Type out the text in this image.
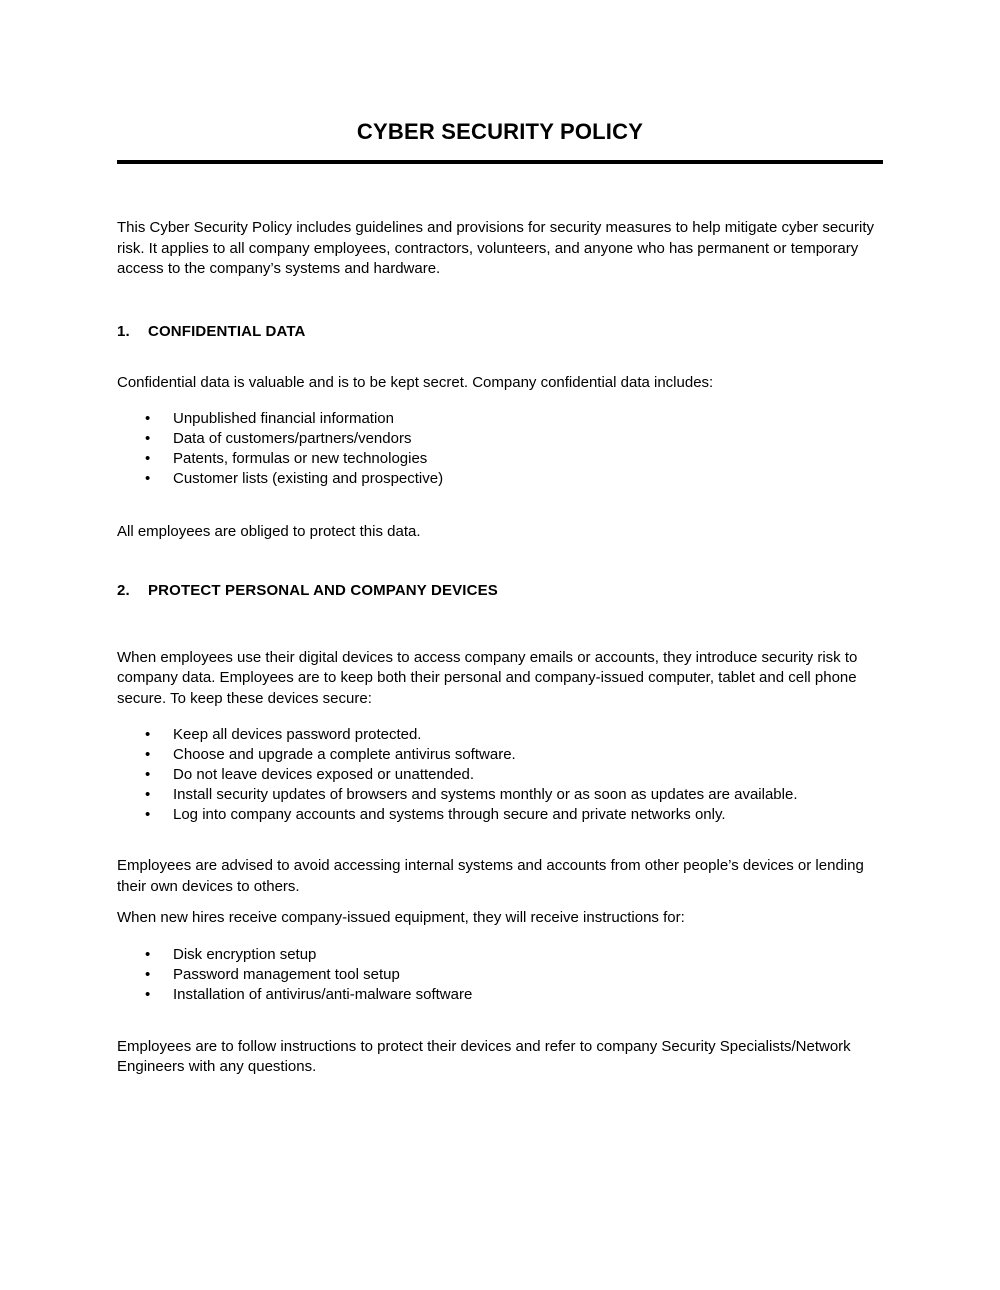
CYBER SECURITY POLICY

This Cyber Security Policy includes guidelines and provisions for security measures to help mitigate cyber security risk. It applies to all company employees, contractors, volunteers, and anyone who has permanent or temporary access to the company’s systems and hardware.

1.	CONFIDENTIAL DATA

Confidential data is valuable and is to be kept secret. Company confidential data includes:

• Unpublished financial information
• Data of customers/partners/vendors
• Patents, formulas or new technologies
• Customer lists (existing and prospective)

All employees are obliged to protect this data.

2.	PROTECT PERSONAL AND COMPANY DEVICES

When employees use their digital devices to access company emails or accounts, they introduce security risk to company data. Employees are to keep both their personal and company-issued computer, tablet and cell phone secure. To keep these devices secure:

• Keep all devices password protected.
• Choose and upgrade a complete antivirus software.
• Do not leave devices exposed or unattended.
• Install security updates of browsers and systems monthly or as soon as updates are available.
• Log into company accounts and systems through secure and private networks only.

Employees are advised to avoid accessing internal systems and accounts from other people’s devices or lending their own devices to others.

When new hires receive company-issued equipment, they will receive instructions for:

• Disk encryption setup
• Password management tool setup
• Installation of antivirus/anti-malware software

Employees are to follow instructions to protect their devices and refer to company Security Specialists/Network Engineers with any questions.
